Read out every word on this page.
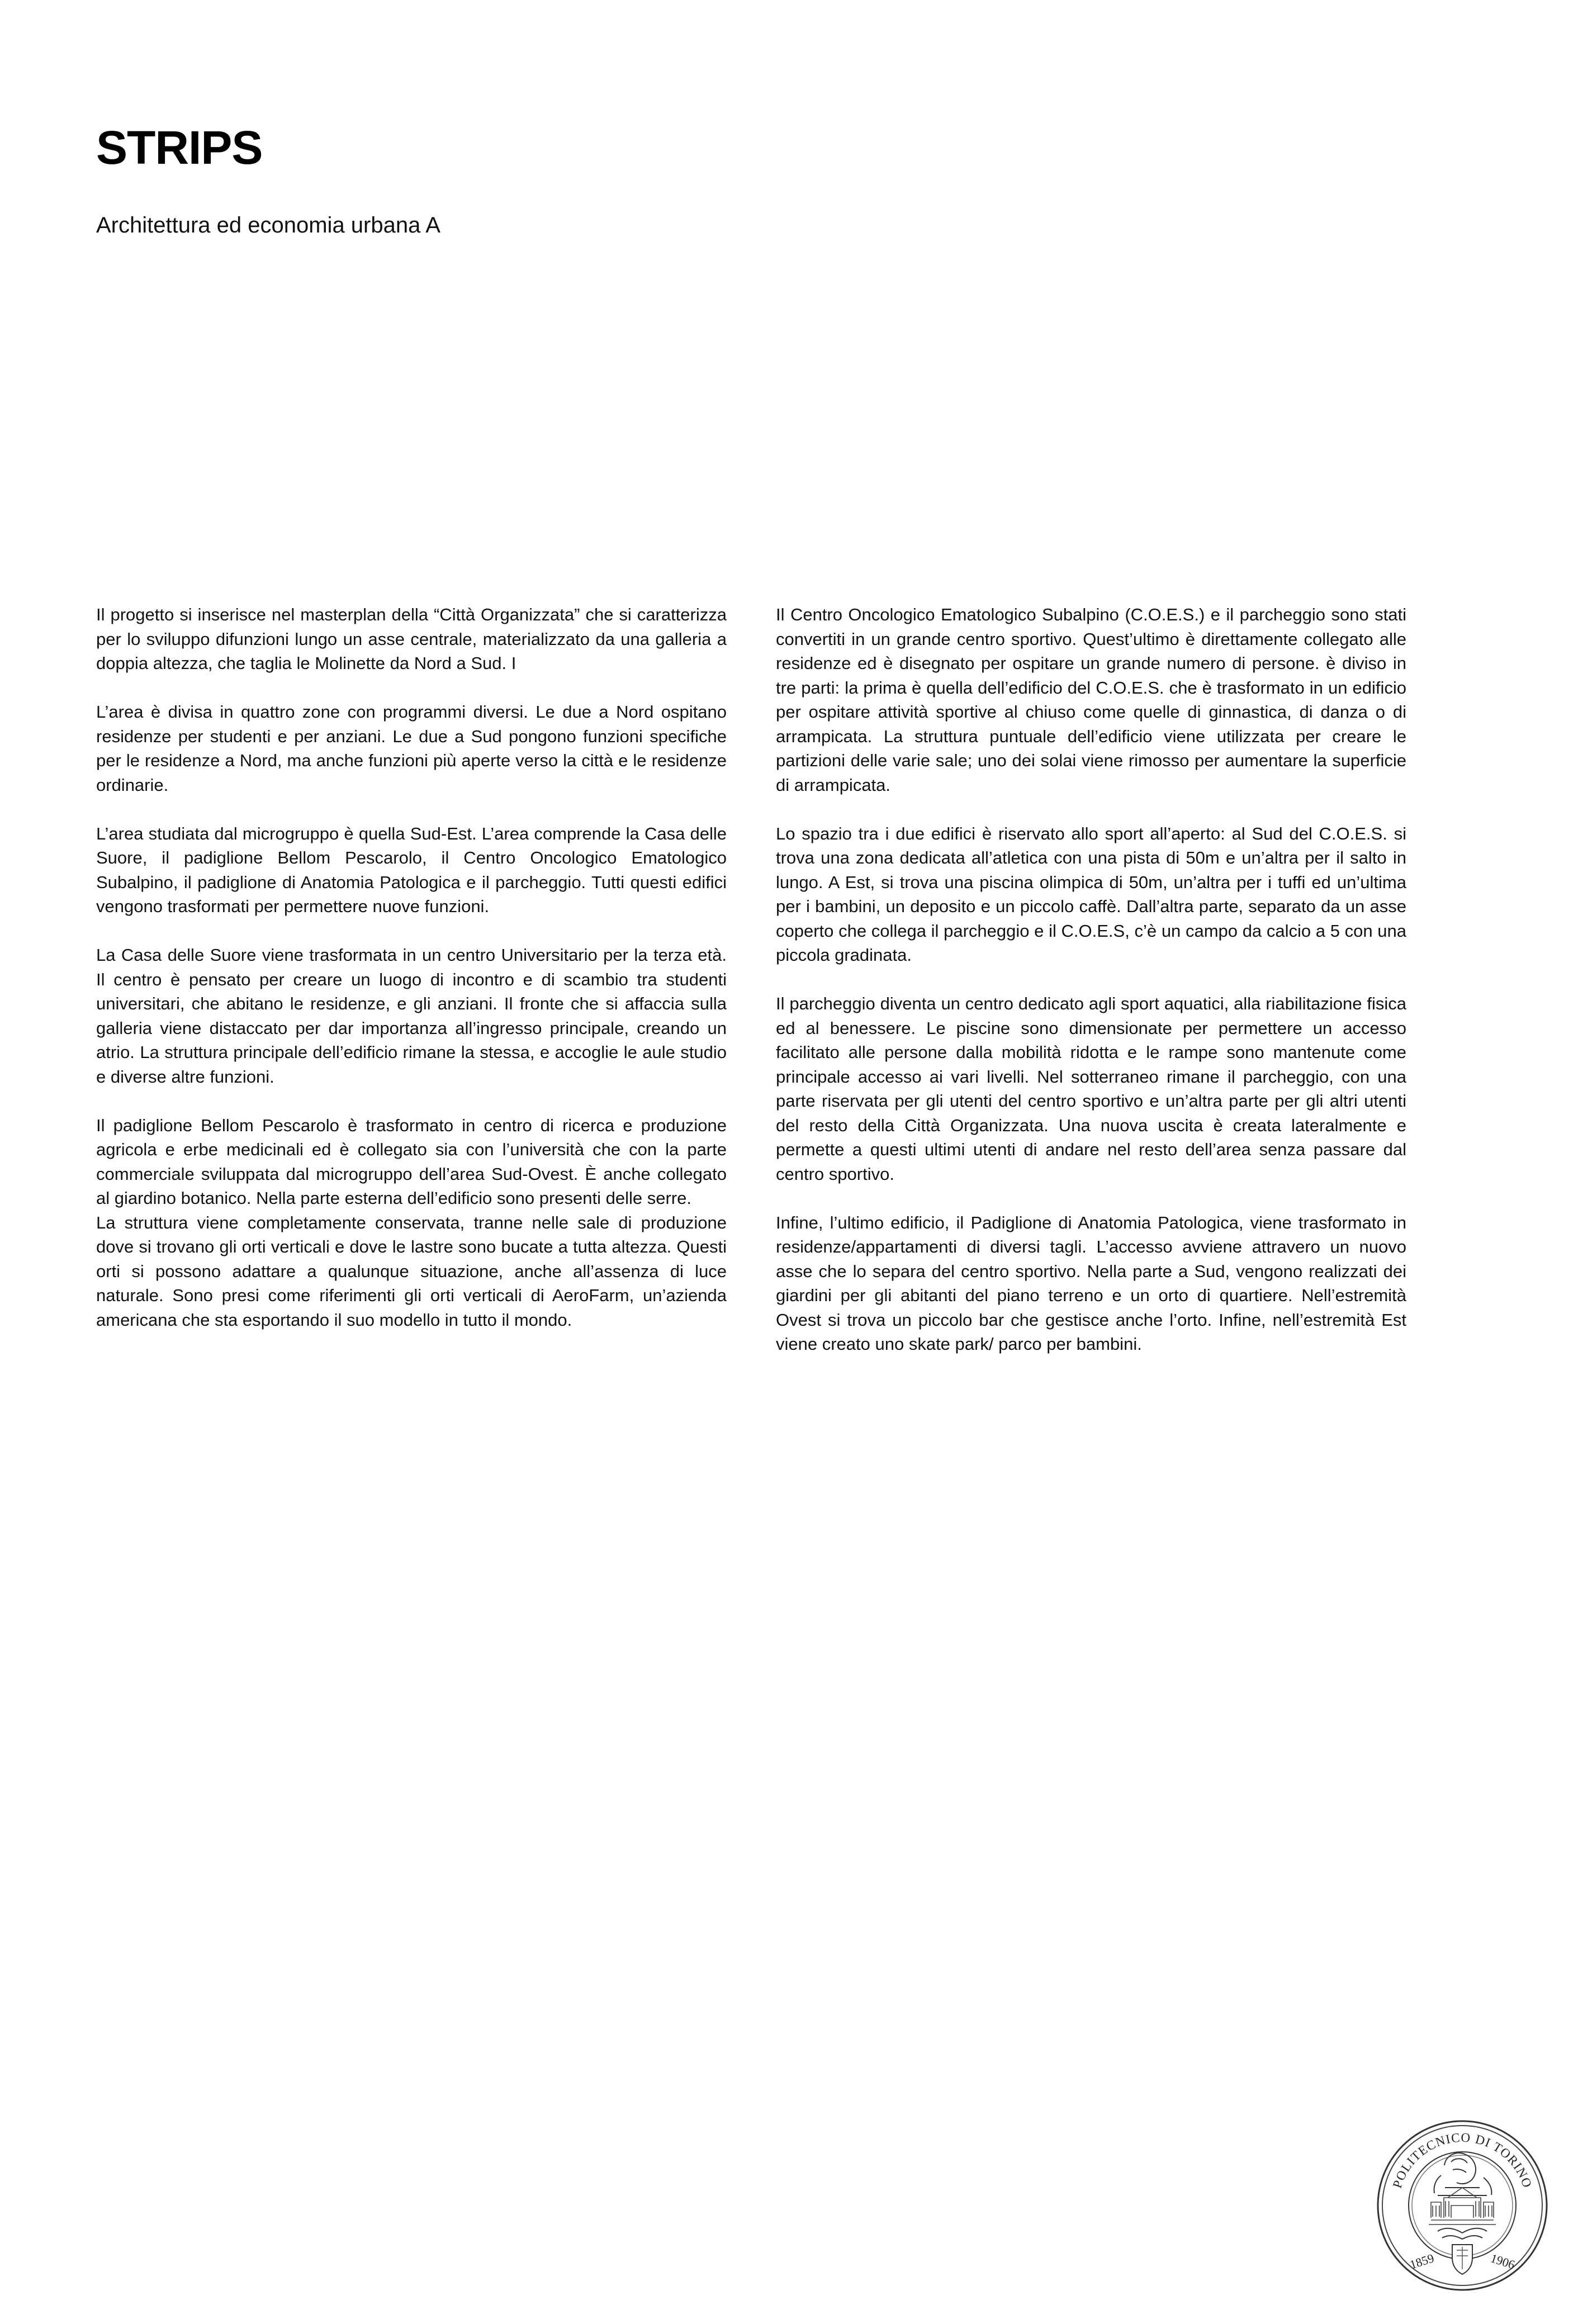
STRIPS
Architettura ed economia urbana A

Il progetto si inserisce nel masterplan della “Città Organizzata” che si caratterizza per lo sviluppo difunzioni lungo un asse centrale, materializzato da una galleria a doppia altezza, che taglia le Molinette da Nord a Sud. I

L’area è divisa in quattro zone con programmi diversi. Le due a Nord ospitano residenze per studenti e per anziani. Le due a Sud pongono funzioni specifiche per le residenze a Nord, ma anche funzioni più aperte verso la città e le residenze ordinarie.

L’area studiata dal microgruppo è quella Sud-Est. L’area comprende la Casa delle Suore, il padiglione Bellom Pescarolo, il Centro Oncologico Ematologico Subalpino, il padiglione di Anatomia Patologica e il parcheggio. Tutti questi edifici vengono trasformati per permettere nuove funzioni.

La Casa delle Suore viene trasformata in un centro Universitario per la terza età. Il centro è pensato per creare un luogo di incontro e di scambio tra studenti universitari, che abitano le residenze, e gli anziani. Il fronte che si affaccia sulla galleria viene distaccato per dar importanza all’ingresso principale, creando un atrio. La struttura principale dell’edificio rimane la stessa, e accoglie le aule studio e diverse altre funzioni.

Il padiglione Bellom Pescarolo è trasformato in centro di ricerca e produzione agricola e erbe medicinali ed è collegato sia con l’università che con la parte commerciale sviluppata dal microgruppo dell’area Sud-Ovest. È anche collegato al giardino botanico. Nella parte esterna dell’edificio sono presenti delle serre.

La struttura viene completamente conservata, tranne nelle sale di produzione dove si trovano gli orti verticali e dove le lastre sono bucate a tutta altezza. Questi orti si possono adattare a qualunque situazione, anche all’assenza di luce naturale. Sono presi come riferimenti gli orti verticali di AeroFarm, un’azienda americana che sta esportando il suo modello in tutto il mondo.

Il Centro Oncologico Ematologico Subalpino (C.O.E.S.) e il parcheggio sono stati convertiti in un grande centro sportivo. Quest’ultimo è direttamente collegato alle residenze ed è disegnato per ospitare un grande numero di persone. è diviso in tre parti: la prima è quella dell’edificio del C.O.E.S. che è trasformato in un edificio per ospitare attività sportive al chiuso come quelle di ginnastica, di danza o di arrampicata. La struttura puntuale dell’edificio viene utilizzata per creare le partizioni delle varie sale; uno dei solai viene rimosso per aumentare la superficie di arrampicata.

Lo spazio tra i due edifici è riservato allo sport all’aperto: al Sud del C.O.E.S. si trova una zona dedicata all’atletica con una pista di 50m e un’altra per il salto in lungo. A Est, si trova una piscina olimpica di 50m, un’altra per i tuffi ed un’ultima per i bambini, un deposito e un piccolo caffè. Dall’altra parte, separato da un asse coperto che collega il parcheggio e il C.O.E.S, c’è un campo da calcio a 5 con una piccola gradinata.

Il parcheggio diventa un centro dedicato agli sport aquatici, alla riabilitazione fisica ed al benessere. Le piscine sono dimensionate per permettere un accesso facilitato alle persone dalla mobilità ridotta e le rampe sono mantenute come principale accesso ai vari livelli. Nel sotterraneo rimane il parcheggio, con una parte riservata per gli utenti del centro sportivo e un’altra parte per gli altri utenti del resto della Città Organizzata. Una nuova uscita è creata lateralmente e permette a questi ultimi utenti di andare nel resto dell’area senza passare dal centro sportivo.

Infine, l’ultimo edificio, il Padiglione di Anatomia Patologica, viene trasformato in residenze/appartamenti di diversi tagli. L’accesso avviene attravero un nuovo asse che lo separa del centro sportivo. Nella parte a Sud, vengono realizzati dei giardini per gli abitanti del piano terreno e un orto di quartiere. Nell’estremità Ovest si trova un piccolo bar che gestisce anche l’orto. Infine, nell’estremità Est viene creato uno skate park/ parco per bambini.

POLITECNICO DI TORINO
1859	1906
